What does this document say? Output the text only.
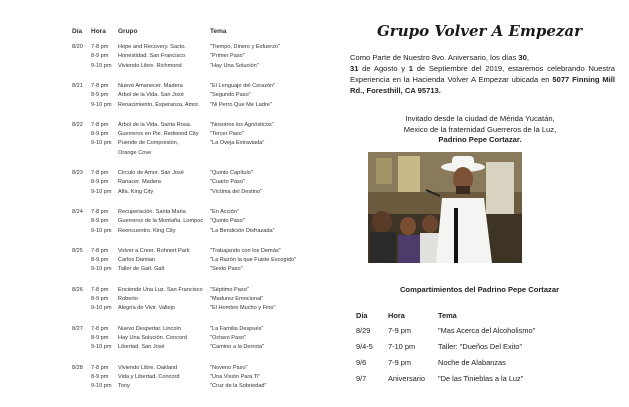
Día Hora Grupo	Tema
8/20 7-8 pm Hope and Recovery. Sacto.	"Tiempo, Dinero y Esfuerzo"
8-9 pm Honestidad. San Francisco	"Primer Paso"
9-10 pm Viviendo Libre. Richmond	"Hay Una Solución"
8/21 7-8 pm Nuevo Amanecer. Madera	"El Lenguaje del Corazón"
8-9 pm Arbol de la Vida. San José	"Segundo Paso"
9-10 pm Renacimiento, Esperanza, Amor. "Ni Perro Que Me Ladre"
8/22 7-8 pm Arbol de la Vida. Santa Rosa.	"Nosotros los Agnósticos"
8-9 pm Guerreros en Pie. Redwood City "Tercer Paso"
9-10 pm Puende de Compresión,	"La Oveja Extraviada"
Orange Cove
8/23 7-8 pm Circulo de Amor. San José	"Quinto Capítulo"
8-9 pm Ranacer. Madera	"Cuarto Paso"
9-10 pm Alfa. King City	"Víctima del Destino"
8/24 7-8 pm Recuperación. Santa Maria	"En Acción"
8-9 pm Guerreros de la Montaña. Lompoc "Quinto Paso"
9-10 pm Reencuentro. King City	"La Bendición Disfrazada"
8/25 7-8 pm Volver a Creer. Rohnert Park	"Trabajando con los Demás"
8-9 pm Carlos Damian	"La Razón la que Fuiste Escogido"
9-10 pm Taller de Gait. Galt	"Sexto Paso"
8/26 7-8 pm Enciende Una Luz. San Francisco "Séptimo Paso"
8-9 pm Roberto	"Madurez Emocional"
9-10 pm Alegría de Vivir. Vallejo	"El Hombre Mucho y Fino"
8/27 7-8 pm Nuevo Despertar. Lincoln	"La Familia Después"
8-9 pm Hay Una Solución. Concord	"Octavo Paso"
9-10 pm Libertad. San José	"Camino a la Derrota"
8/28 7-8 pm Viviendo Libre. Oakland	"Noveno Paso"
8-9 pm Vida y Libertad. Concord	"Una Visión Para Ti"
9-10 pm Tony	"Cruz de la Sobriedad"
Grupo Volver A Empezar
Como Parte de Nuestro 8vo. Aniversario, los días 30,
31 de Agosto y 1 de Septiembre del 2019, estaremos celebrando Nuestra Experiencia en la Hacienda Volver A Empezar ubicada en 5077 Finning Mill Rd., Foresthill, CA 95713.
Invitado desde la ciudad de Mérida Yucatán,
Mexico de la fraternidad Guerreros de la Luz,
Padrino Pepe Cortazar.
Compartimientos del Padrino Pepe Cortazar
Día	Hora	Tema
8/29 7-9 pm	"Mas Acerca del Alcoholismo"
9/4-5 7-10 pm	Taller: "Dueños Del Exito"
9/6	7-9 pm	Noche de Alabanzas
9/7	Aniversario "De las Tinieblas a la Luz"
